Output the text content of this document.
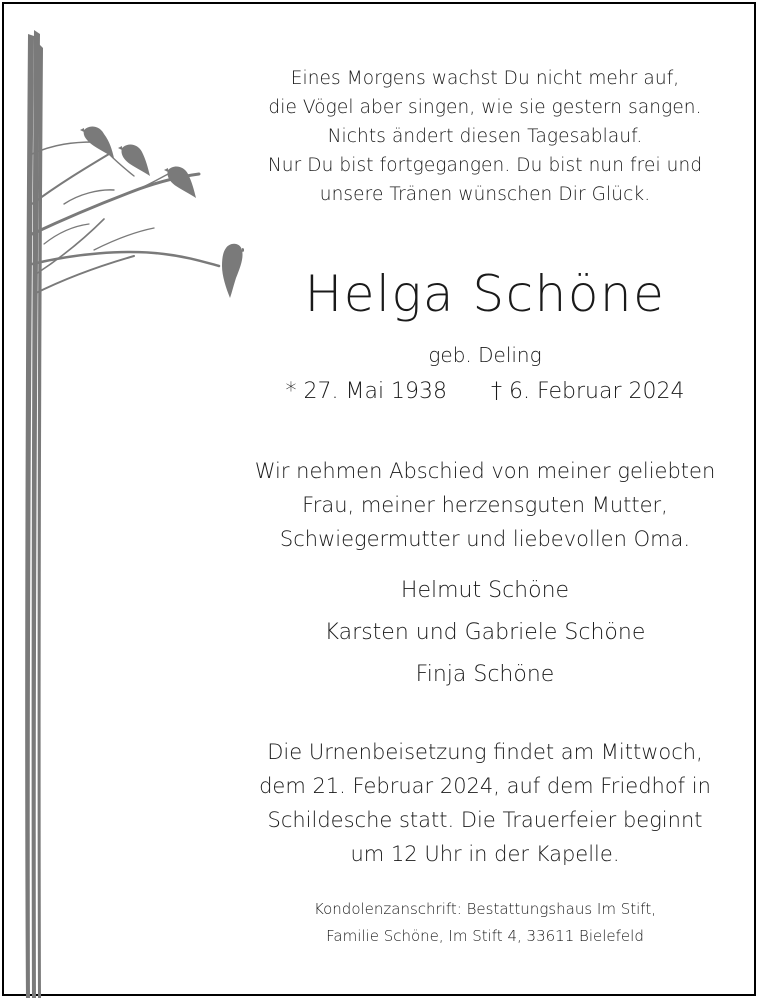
Eines Morgens wachst Du nicht mehr auf,
die Vögel aber singen, wie sie gestern sangen.
Nichts ändert diesen Tagesablauf.
Nur Du bist fortgegangen. Du bist nun frei und
unsere Tränen wünschen Dir Glück.
Helga Schöne
geb. Deling
* 27. Mai 1938 † 6. Februar 2024
Wir nehmen Abschied von meiner geliebten
Frau, meiner herzensguten Mutter,
Schwiegermutter und liebevollen Oma.
Helmut Schöne
Karsten und Gabriele Schöne
Finja Schöne
Die Urnenbeisetzung findet am Mittwoch,
dem 21. Februar 2024, auf dem Friedhof in
Schildesche statt. Die Trauerfeier beginnt
um 12 Uhr in der Kapelle.
Kondolenzanschrift: Bestattungshaus Im Stift,
Familie Schöne, Im Stift 4, 33611 Bielefeld
